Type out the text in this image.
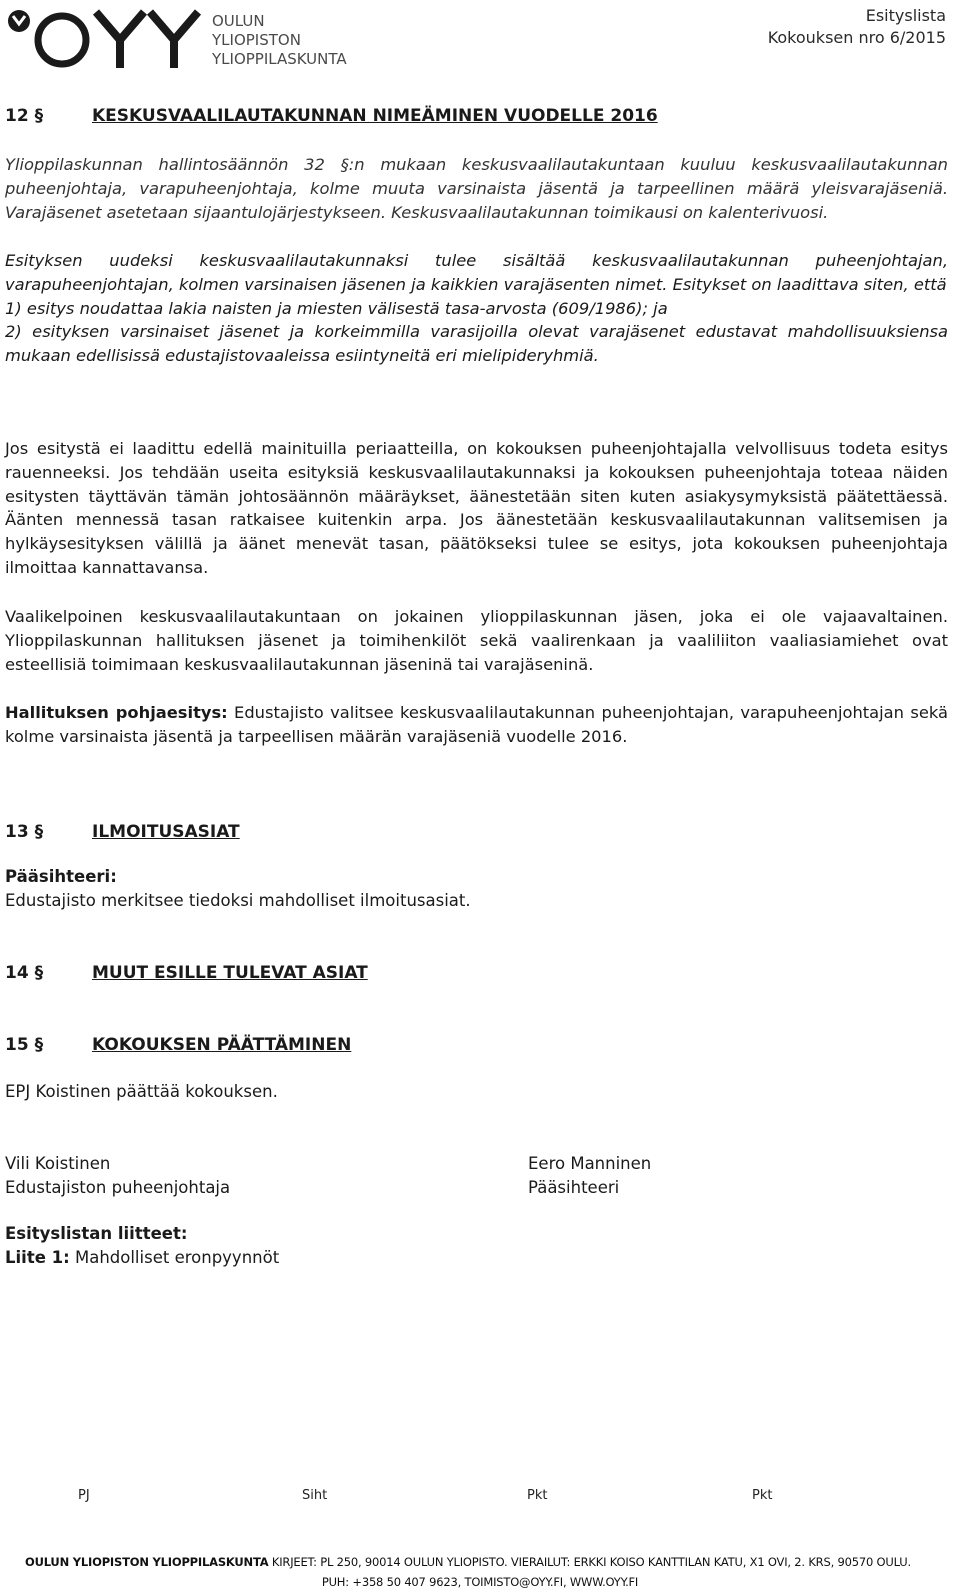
OULUN
YLIOPISTON
YLIOPPILASKUNTA
Esityslista
Kokouksen nro 6/2015
12 §	KESKUSVAALILAUTAKUNNAN NIMEÄMINEN VUODELLE 2016
Ylioppilaskunnan hallintosäännön 32 §:n mukaan keskusvaalilautakuntaan kuuluu keskusvaalilautakunnan puheenjohtaja, varapuheenjohtaja, kolme muuta varsinaista jäsentä ja tarpeellinen määrä yleisvarajäseniä. Varajäsenet asetetaan sijaantulojärjestykseen. Keskusvaalilautakunnan toimikausi on kalenterivuosi.
Esityksen uudeksi keskusvaalilautakunnaksi tulee sisältää keskusvaalilautakunnan puheenjohtajan, varapuheenjohtajan, kolmen varsinaisen jäsenen ja kaikkien varajäsenten nimet. Esitykset on laadittava siten, että
1) esitys noudattaa lakia naisten ja miesten välisestä tasa-arvosta (609/1986); ja
2) esityksen varsinaiset jäsenet ja korkeimmilla varasijoilla olevat varajäsenet edustavat mahdollisuuksiensa mukaan edellisissä edustajistovaaleissa esiintyneitä eri mielipideryhmiä.
Jos esitystä ei laadittu edellä mainituilla periaatteilla, on kokouksen puheenjohtajalla velvollisuus todeta esitys rauenneeksi. Jos tehdään useita esityksiä keskusvaalilautakunnaksi ja kokouksen puheenjohtaja toteaa näiden esitysten täyttävän tämän johtosäännön määräykset, äänestetään siten kuten asiakysymyksistä päätettäessä. Äänten mennessä tasan ratkaisee kuitenkin arpa. Jos äänestetään keskusvaalilautakunnan valitsemisen ja hylkäysesityksen välillä ja äänet menevät tasan, päätökseksi tulee se esitys, jota kokouksen puheenjohtaja ilmoittaa kannattavansa.
Vaalikelpoinen keskusvaalilautakuntaan on jokainen ylioppilaskunnan jäsen, joka ei ole vajaavaltainen. Ylioppilaskunnan hallituksen jäsenet ja toimihenkilöt sekä vaalirenkaan ja vaaliliiton vaaliasiamiehet ovat esteellisiä toimimaan keskusvaalilautakunnan jäseninä tai varajäseninä.
Hallituksen pohjaesitys: Edustajisto valitsee keskusvaalilautakunnan puheenjohtajan, varapuheenjohtajan sekä kolme varsinaista jäsentä ja tarpeellisen määrän varajäseniä vuodelle 2016.
13 §	ILMOITUSASIAT
Pääsihteeri:
Edustajisto merkitsee tiedoksi mahdolliset ilmoitusasiat.
14 §	MUUT ESILLE TULEVAT ASIAT
15 §	KOKOUKSEN PÄÄTTÄMINEN
EPJ Koistinen päättää kokouksen.
Vili Koistinen
Edustajiston puheenjohtaja
Eero Manninen
Pääsihteeri
Esityslistan liitteet:
Liite 1: Mahdolliset eronpyynnöt
PJ	Siht	Pkt	Pkt
OULUN YLIOPISTON YLIOPPILASKUNTA KIRJEET: PL 250, 90014 OULUN YLIOPISTO. VIERAILUT: ERKKI KOISO KANTTILAN KATU, X1 OVI, 2. KRS, 90570 OULU.
PUH: +358 50 407 9623, TOIMISTO@OYY.FI, WWW.OYY.FI
